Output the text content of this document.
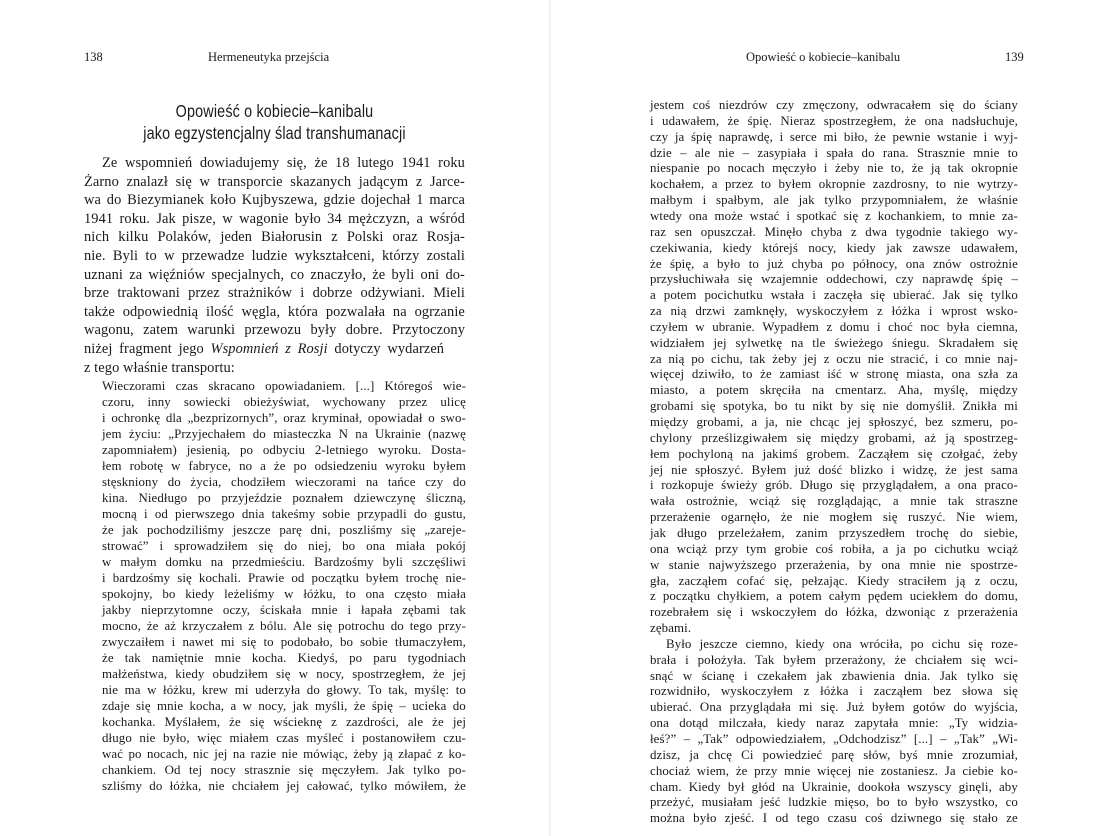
138	Hermeneutyka przejścia
Opowieść o kobiecie–kanibalu
jako egzystencjalny ślad transhumanacji
Ze wspomnień dowiadujemy się, że 18 lutego 1941 roku
Żarno znalazł się w transporcie skazanych jadącym z Jarce-
wa do Biezymianek koło Kujbyszewa, gdzie dojechał 1 marca
1941 roku. Jak pisze, w wagonie było 34 mężczyzn, a wśród
nich kilku Polaków, jeden Białorusin z Polski oraz Rosja-
nie. Byli to w przewadze ludzie wykształceni, którzy zostali
uznani za więźniów specjalnych, co znaczyło, że byli oni do-
brze traktowani przez strażników i dobrze odżywiani. Mieli
także odpowiednią ilość węgla, która pozwalała na ogrzanie
wagonu, zatem warunki przewozu były dobre. Przytoczony
niżej fragment jego Wspomnień z Rosji dotyczy wydarzeń
z tego właśnie transportu:
Wieczorami czas skracano opowiadaniem. [...] Któregoś wie-
czoru, inny sowiecki obieżyświat, wychowany przez ulicę
i ochronkę dla „bezprizornych”, oraz kryminał, opowiadał o swo-
jem życiu: „Przyjechałem do miasteczka N na Ukrainie (nazwę
zapomniałem) jesienią, po odbyciu 2-letniego wyroku. Dosta-
łem robotę w fabryce, no a że po odsiedzeniu wyroku byłem
stęskniony do życia, chodziłem wieczorami na tańce czy do
kina. Niedługo po przyjeździe poznałem dziewczynę śliczną,
mocną i od pierwszego dnia takeśmy sobie przypadli do gustu,
że jak pochodziliśmy jeszcze parę dni, poszliśmy się „zareje-
strować” i sprowadziłem się do niej, bo ona miała pokój
w małym domku na przedmieściu. Bardzośmy byli szczęśliwi
i bardzośmy się kochali. Prawie od początku byłem trochę nie-
spokojny, bo kiedy leżeliśmy w łóżku, to ona często miała
jakby nieprzytomne oczy, ściskała mnie i łapała zębami tak
mocno, że aż krzyczałem z bólu. Ale się potrochu do tego przy-
zwyczaiłem i nawet mi się to podobało, bo sobie tłumaczyłem,
że tak namiętnie mnie kocha. Kiedyś, po paru tygodniach
małżeństwa, kiedy obudziłem się w nocy, spostrzegłem, że jej
nie ma w łóżku, krew mi uderzyła do głowy. To tak, myślę: to
zdaje się mnie kocha, a w nocy, jak myśli, że śpię – ucieka do
kochanka. Myślałem, że się wścieknę z zazdrości, ale że jej
długo nie było, więc miałem czas myśleć i postanowiłem czu-
wać po nocach, nic jej na razie nie mówiąc, żeby ją złapać z ko-
chankiem. Od tej nocy strasznie się męczyłem. Jak tylko po-
szliśmy do łóżka, nie chciałem jej całować, tylko mówiłem, że
Opowieść o kobiecie–kanibalu	139
jestem coś niezdrów czy zmęczony, odwracałem się do ściany
i udawałem, że śpię. Nieraz spostrzegłem, że ona nadsłuchuje,
czy ja śpię naprawdę, i serce mi biło, że pewnie wstanie i wyj-
dzie – ale nie – zasypiała i spała do rana. Strasznie mnie to
niespanie po nocach męczyło i żeby nie to, że ją tak okropnie
kochałem, a przez to byłem okropnie zazdrosny, to nie wytrzy-
małbym i spałbym, ale jak tylko przypomniałem, że właśnie
wtedy ona może wstać i spotkać się z kochankiem, to mnie za-
raz sen opuszczał. Minęło chyba z dwa tygodnie takiego wy-
czekiwania, kiedy którejś nocy, kiedy jak zawsze udawałem,
że śpię, a było to już chyba po północy, ona znów ostrożnie
przysłuchiwała się wzajemnie oddechowi, czy naprawdę śpię –
a potem pocichutku wstała i zaczęła się ubierać. Jak się tylko
za nią drzwi zamknęły, wyskoczyłem z łóżka i wprost wsko-
czyłem w ubranie. Wypadłem z domu i choć noc była ciemna,
widziałem jej sylwetkę na tle świeżego śniegu. Skradałem się
za nią po cichu, tak żeby jej z oczu nie stracić, i co mnie naj-
więcej dziwiło, to że zamiast iść w stronę miasta, ona szła za
miasto, a potem skręciła na cmentarz. Aha, myślę, między
grobami się spotyka, bo tu nikt by się nie domyślił. Znikła mi
między grobami, a ja, nie chcąc jej spłoszyć, bez szmeru, po-
chylony prześlizgiwałem się między grobami, aż ją spostrzeg-
łem pochyloną na jakimś grobem. Zacząłem się czołgać, żeby
jej nie spłoszyć. Byłem już dość blizko i widzę, że jest sama
i rozkopuje świeży grób. Długo się przyglądałem, a ona praco-
wała ostrożnie, wciąż się rozglądając, a mnie tak straszne
przerażenie ogarnęło, że nie mogłem się ruszyć. Nie wiem,
jak długo przeleżałem, zanim przyszedłem trochę do siebie,
ona wciąż przy tym grobie coś robiła, a ja po cichutku wciąż
w stanie najwyższego przerażenia, by ona mnie nie spostrze-
gła, zacząłem cofać się, pełzając. Kiedy straciłem ją z oczu,
z początku chyłkiem, a potem całym pędem uciekłem do domu,
rozebrałem się i wskoczyłem do łóżka, dzwoniąc z przerażenia
zębami.
Było jeszcze ciemno, kiedy ona wróciła, po cichu się roze-
brała i położyła. Tak byłem przerażony, że chciałem się wci-
snąć w ścianę i czekałem jak zbawienia dnia. Jak tylko się
rozwidniło, wyskoczyłem z łóżka i zacząłem bez słowa się
ubierać. Ona przyglądała mi się. Już byłem gotów do wyjścia,
ona dotąd milczała, kiedy naraz zapytała mnie: „Ty widzia-
łeś?” – „Tak” odpowiedziałem, „Odchodzisz” [...] – „Tak” „Wi-
dzisz, ja chcę Ci powiedzieć parę słów, byś mnie zrozumiał,
chociaż wiem, że przy mnie więcej nie zostaniesz. Ja ciebie ko-
cham. Kiedy był głód na Ukrainie, dookoła wszyscy ginęli, aby
przeżyć, musiałam jeść ludzkie mięso, bo to było wszystko, co
można było zjeść. I od tego czasu coś dziwnego się stało ze
